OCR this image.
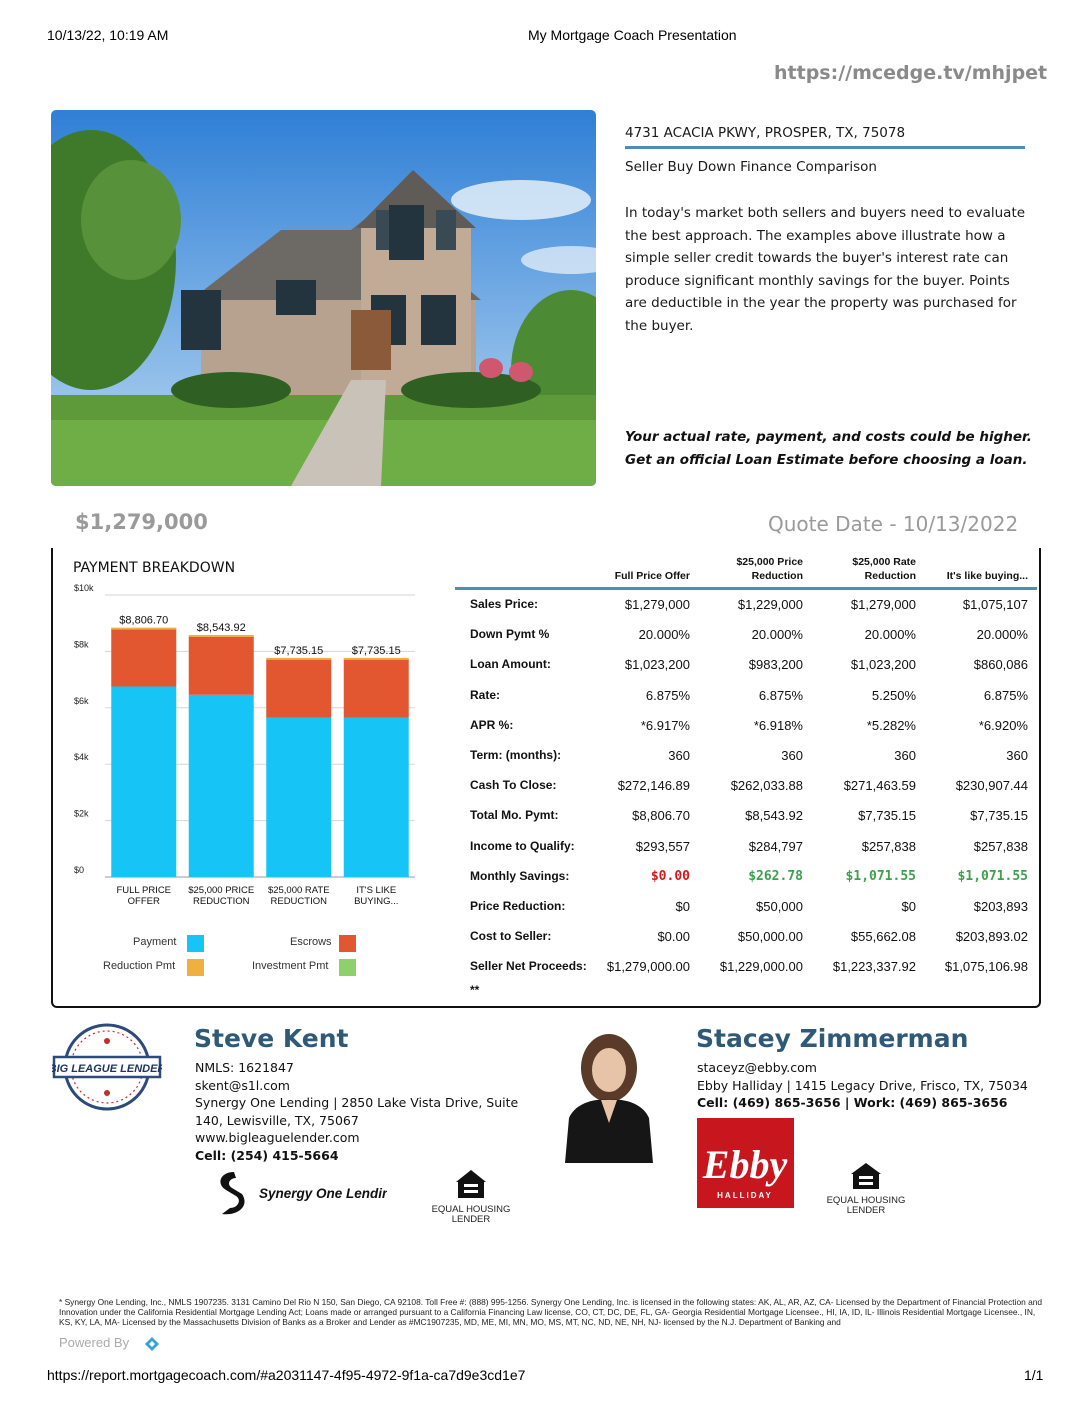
10/13/22, 10:19 AM	My Mortgage Coach Presentation
https://mcedge.tv/mhjpet
4731 ACACIA PKWY, PROSPER, TX, 75078
Seller Buy Down Finance Comparison
In today's market both sellers and buyers need to evaluate the best approach. The examples above illustrate how a simple seller credit towards the buyer's interest rate can produce significant monthly savings for the buyer. Points are deductible in the year the property was purchased for the buyer.
Your actual rate, payment, and costs could be higher. Get an official Loan Estimate before choosing a loan.
$1,279,000	Quote Date - 10/13/2022
PAYMENT BREAKDOWN
$0
$2k
$4k
$6k
$8k
$10k
$8,806.70
FULL PRICE
OFFER
$8,543.92
$25,000 PRICE
REDUCTION
$7,735.15
$25,000 RATE
REDUCTION
$7,735.15
IT'S LIKE
BUYING...
Payment	Escrows
Reduction Pmt	Investment Pmt
Full Price Offer
$25,000 Price
Reduction
$25,000 Rate
Reduction	It's like buying...
Sales Price:	$1,279,000	$1,229,000	$1,279,000	$1,075,107
Down Pymt %	20.000%	20.000%	20.000%	20.000%
Loan Amount:	$1,023,200	$983,200	$1,023,200	$860,086
Rate:	6.875%	6.875%	5.250%	6.875%
APR %:	*6.917%	*6.918%	*5.282%	*6.920%
Term: (months):	360	360	360	360
Cash To Close:	$272,146.89	$262,033.88	$271,463.59	$230,907.44
Total Mo. Pymt:	$8,806.70	$8,543.92	$7,735.15	$7,735.15
Income to Qualify:	$293,557	$284,797	$257,838	$257,838
Monthly Savings:	$0.00	$262.78	$1,071.55	$1,071.55
Price Reduction:	$0	$50,000	$0	$203,893
Cost to Seller:	$0.00	$50,000.00	$55,662.08	$203,893.02
Seller Net Proceeds: $1,279,000.00 $1,229,000.00 $1,223,337.92 $1,075,106.98
**
BIG LEAGUE LENDER
Steve Kent
NMLS: 1621847
skent@s1l.com
Synergy One Lending | 2850 Lake Vista Drive, Suite 140, Lewisville, TX, 75067
www.bigleaguelender.com
Cell: (254) 415-5664
Synergy One Lending
EQUAL HOUSING LENDER
Stacey Zimmerman
staceyz@ebby.com
Ebby Halliday | 1415 Legacy Drive, Frisco, TX, 75034
Cell: (469) 865-3656 | Work: (469) 865-3656
Ebby
HALLIDAY	EQUAL HOUSING LENDER
* Synergy One Lending, Inc., NMLS 1907235. 3131 Camino Del Rio N 150, San Diego, CA 92108. Toll Free #: (888) 995-1256. Synergy One Lending, Inc. is licensed in the following states: AK, AL, AR, AZ, CA- Licensed by the Department of Financial Protection and Innovation under the California Residential Mortgage Lending Act; Loans made or arranged pursuant to a California Financing Law license, CO, CT, DC, DE, FL, GA- Georgia Residential Mortgage Licensee., HI, IA, ID, IL- Illinois Residential Mortgage Licensee., IN, KS, KY, LA, MA- Licensed by the Massachusetts Division of Banks as a Broker and Lender as #MC1907235, MD, ME, MI, MN, MO, MS, MT, NC, ND, NE, NH, NJ- licensed by the N.J. Department of Banking and
Powered By
https://report.mortgagecoach.com/#a2031147-4f95-4972-9f1a-ca7d9e3cd1e7	1/1
